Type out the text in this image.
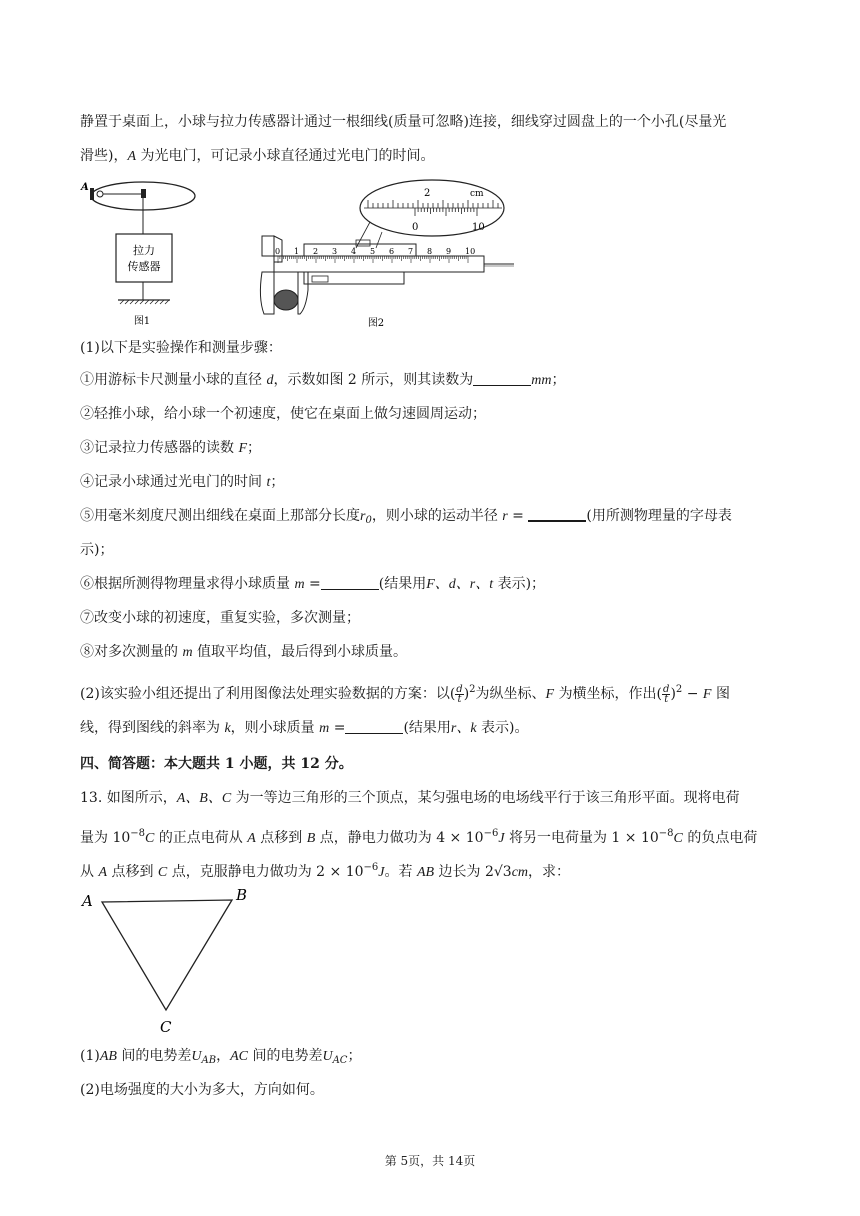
静置于桌面上，小球与拉力传感器计通过一根细线(质量可忽略)连接，细线穿过圆盘上的一个小孔(尽量光
滑些)，A 为光电门，可记录小球直径通过光电门的时间。
A
拉力
传感器
图1
2	cm
0	10
0 1 2 3 4 5 6 7 8 9 10
图2
(1)以下是实验操作和测量步骤：
①用游标卡尺测量小球的直径 d，示数如图 2 所示，则其读数为	mm；
②轻推小球，给小球一个初速度，使它在桌面上做匀速圆周运动；
③记录拉力传感器的读数 F；
④记录小球通过光电门的时间 t；
⑤用毫米刻度尺测出细线在桌面上那部分长度$r_0$，则小球的运动半径 r =	(用所测物理量的字母表
示)；
⑥根据所测得物理量求得小球质量 m =	(结果用F、d、r、t 表示)；
⑦改变小球的初速度，重复实验，多次测量；
⑧对多次测量的 m 值取平均值，最后得到小球质量。
(2)该实验小组还提出了利用图像法处理实验数据的方案：以( $\frac{d}{t} )^2$为纵坐标、F 为横坐标，作出( $\frac{d}{t} )^2 - F$ 图
线，得到图线的斜率为 k，则小球质量 m =	(结果用r、k 表示)。
四、简答题：本大题共 1 小题，共 12 分。
13. 如图所示，A、B、C 为一等边三角形的三个顶点，某匀强电场的电场线平行于该三角形平面。现将电荷
量为 $10^{-8}C$ 的正点电荷从 A 点移到 B 点，静电力做功为 $4 \times 10^{-6}J$ 将另一电荷量为 $1 \times 10^{-8}C$ 的负点电荷
从 A 点移到 C 点，克服静电力做功为 $2 \times 10^{-6}J$。若 AB 边长为 2√3cm，求：
A	B
C
(1)AB 间的电势差$U_{AB}$，AC 间的电势差$U_{AC}$；
(2)电场强度的大小为多大，方向如何。
第 5页，共 14页
